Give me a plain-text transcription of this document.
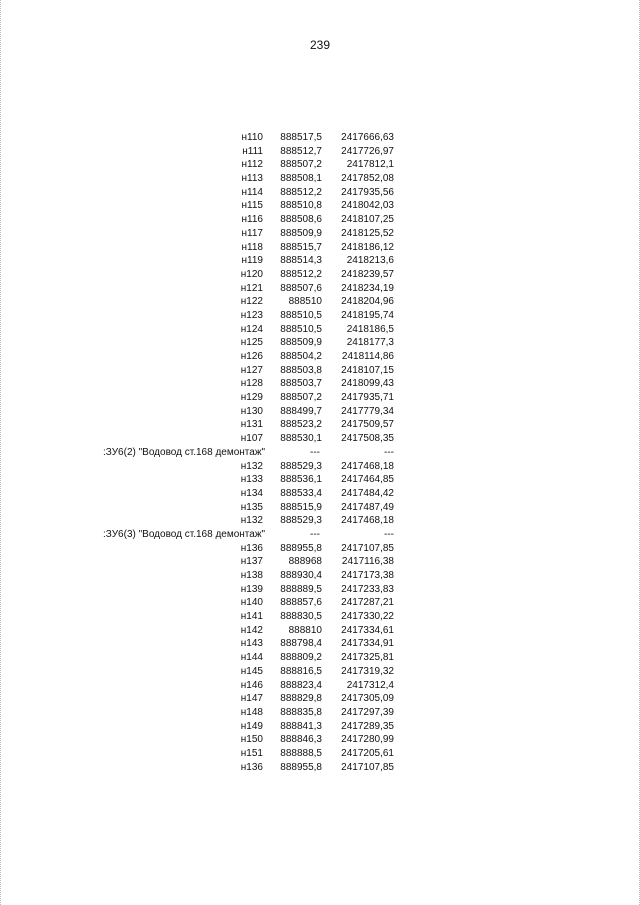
239
н110 888517,5 2417666,63
н111 888512,7 2417726,97
н112 888507,2 2417812,1
н113 888508,1 2417852,08
н114 888512,2 2417935,56
н115 888510,8 2418042,03
н116 888508,6 2418107,25
н117 888509,9 2418125,52
н118 888515,7 2418186,12
н119 888514,3 2418213,6
н120 888512,2 2418239,57
н121 888507,6 2418234,19
н122	888510 2418204,96
н123 888510,5 2418195,74
н124 888510,5 2418186,5
н125 888509,9 2418177,3
н126 888504,2 2418114,86
н127 888503,8 2418107,15
н128 888503,7 2418099,43
н129 888507,2 2417935,71
н130 888499,7 2417779,34
н131 888523,2 2417509,57
н107 888530,1 2417508,35
:ЗУ6(2) "Водовод ст.168 демонтаж"	---	---
н132 888529,3 2417468,18
н133 888536,1 2417464,85
н134 888533,4 2417484,42
н135 888515,9 2417487,49
н132 888529,3 2417468,18
:ЗУ6(3) "Водовод ст.168 демонтаж"	---	---
н136 888955,8 2417107,85
н137	888968 2417116,38
н138 888930,4 2417173,38
н139 888889,5 2417233,83
н140 888857,6 2417287,21
н141 888830,5 2417330,22
н142	888810 2417334,61
н143 888798,4 2417334,91
н144 888809,2 2417325,81
н145 888816,5 2417319,32
н146 888823,4 2417312,4
н147 888829,8 2417305,09
н148 888835,8 2417297,39
н149 888841,3 2417289,35
н150 888846,3 2417280,99
н151 888888,5 2417205,61
н136 888955,8 2417107,85
